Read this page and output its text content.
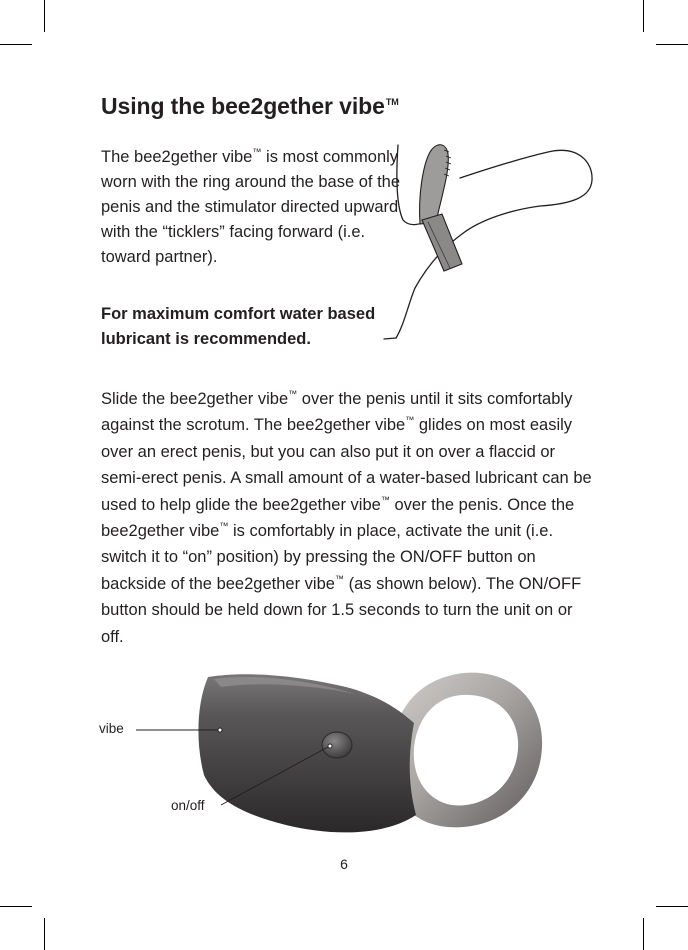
Using the bee2gether vibe™

The bee2gether vibe™ is most commonly worn with the ring around the base of the penis and the stimulator directed upward with the “ticklers” facing forward (i.e. toward partner).

For maximum comfort water based lubricant is recommended.

Slide the bee2gether vibe™ over the penis until it sits comfortably against the scrotum. The bee2gether vibe™ glides on most easily over an erect penis, but you can also put it on over a flaccid or semi-erect penis. A small amount of a water-based lubricant can be used to help glide the bee2gether vibe™ over the penis. Once the bee2gether vibe™ is comfortably in place, activate the unit (i.e. switch it to “on” position) by pressing the ON/OFF button on backside of the bee2gether vibe™ (as shown below). The ON/OFF button should be held down for 1.5 seconds to turn the unit on or off.

vibe
on/off
6
